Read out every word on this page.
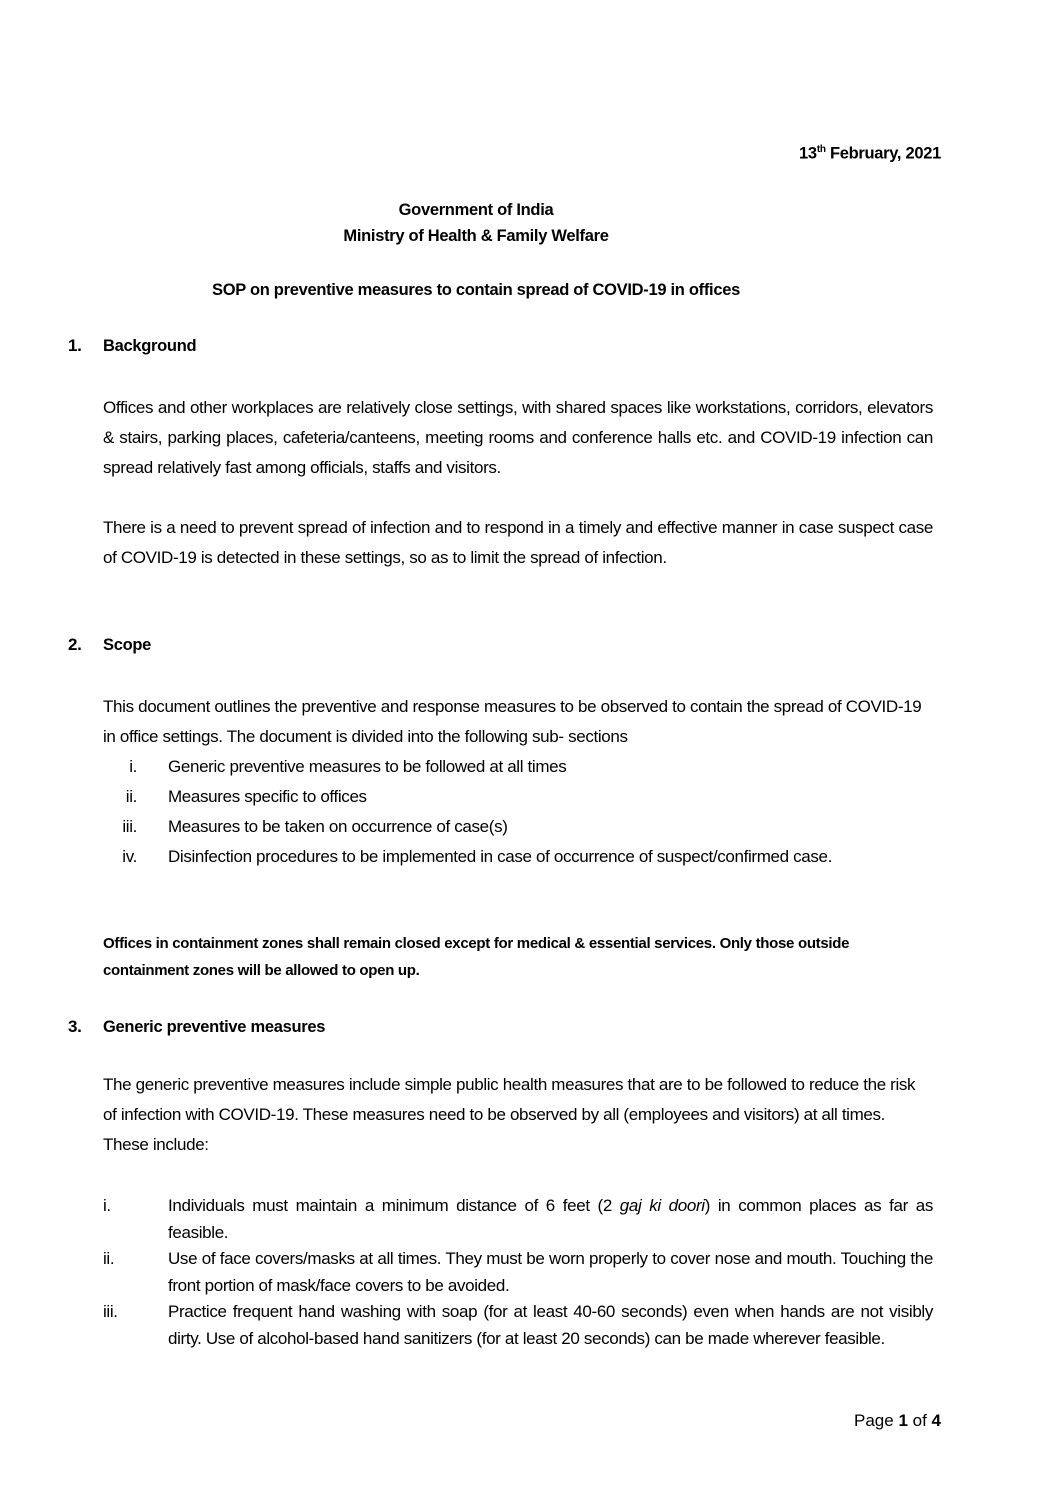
13th February, 2021
Government of India
Ministry of Health & Family Welfare
SOP on preventive measures to contain spread of COVID-19 in offices
1. Background
Offices and other workplaces are relatively close settings, with shared spaces like workstations, corridors, elevators & stairs, parking places, cafeteria/canteens, meeting rooms and conference halls etc. and COVID-19 infection can spread relatively fast among officials, staffs and visitors.
There is a need to prevent spread of infection and to respond in a timely and effective manner in case suspect case of COVID-19 is detected in these settings, so as to limit the spread of infection.
2. Scope
This document outlines the preventive and response measures to be observed to contain the spread of COVID-19 in office settings. The document is divided into the following sub- sections
i.	Generic preventive measures to be followed at all times
ii.	Measures specific to offices
iii.	Measures to be taken on occurrence of case(s)
iv.	Disinfection procedures to be implemented in case of occurrence of suspect/confirmed case.
Offices in containment zones shall remain closed except for medical & essential services. Only those outside containment zones will be allowed to open up.
3. Generic preventive measures
The generic preventive measures include simple public health measures that are to be followed to reduce the risk of infection with COVID-19. These measures need to be observed by all (employees and visitors) at all times. These include:
i.	Individuals must maintain a minimum distance of 6 feet (2 gaj ki doori) in common places as far as feasible.
ii.	Use of face covers/masks at all times. They must be worn properly to cover nose and mouth. Touching the front portion of mask/face covers to be avoided.
iii.	Practice frequent hand washing with soap (for at least 40-60 seconds) even when hands are not visibly dirty. Use of alcohol-based hand sanitizers (for at least 20 seconds) can be made wherever feasible.
Page 1 of 4
